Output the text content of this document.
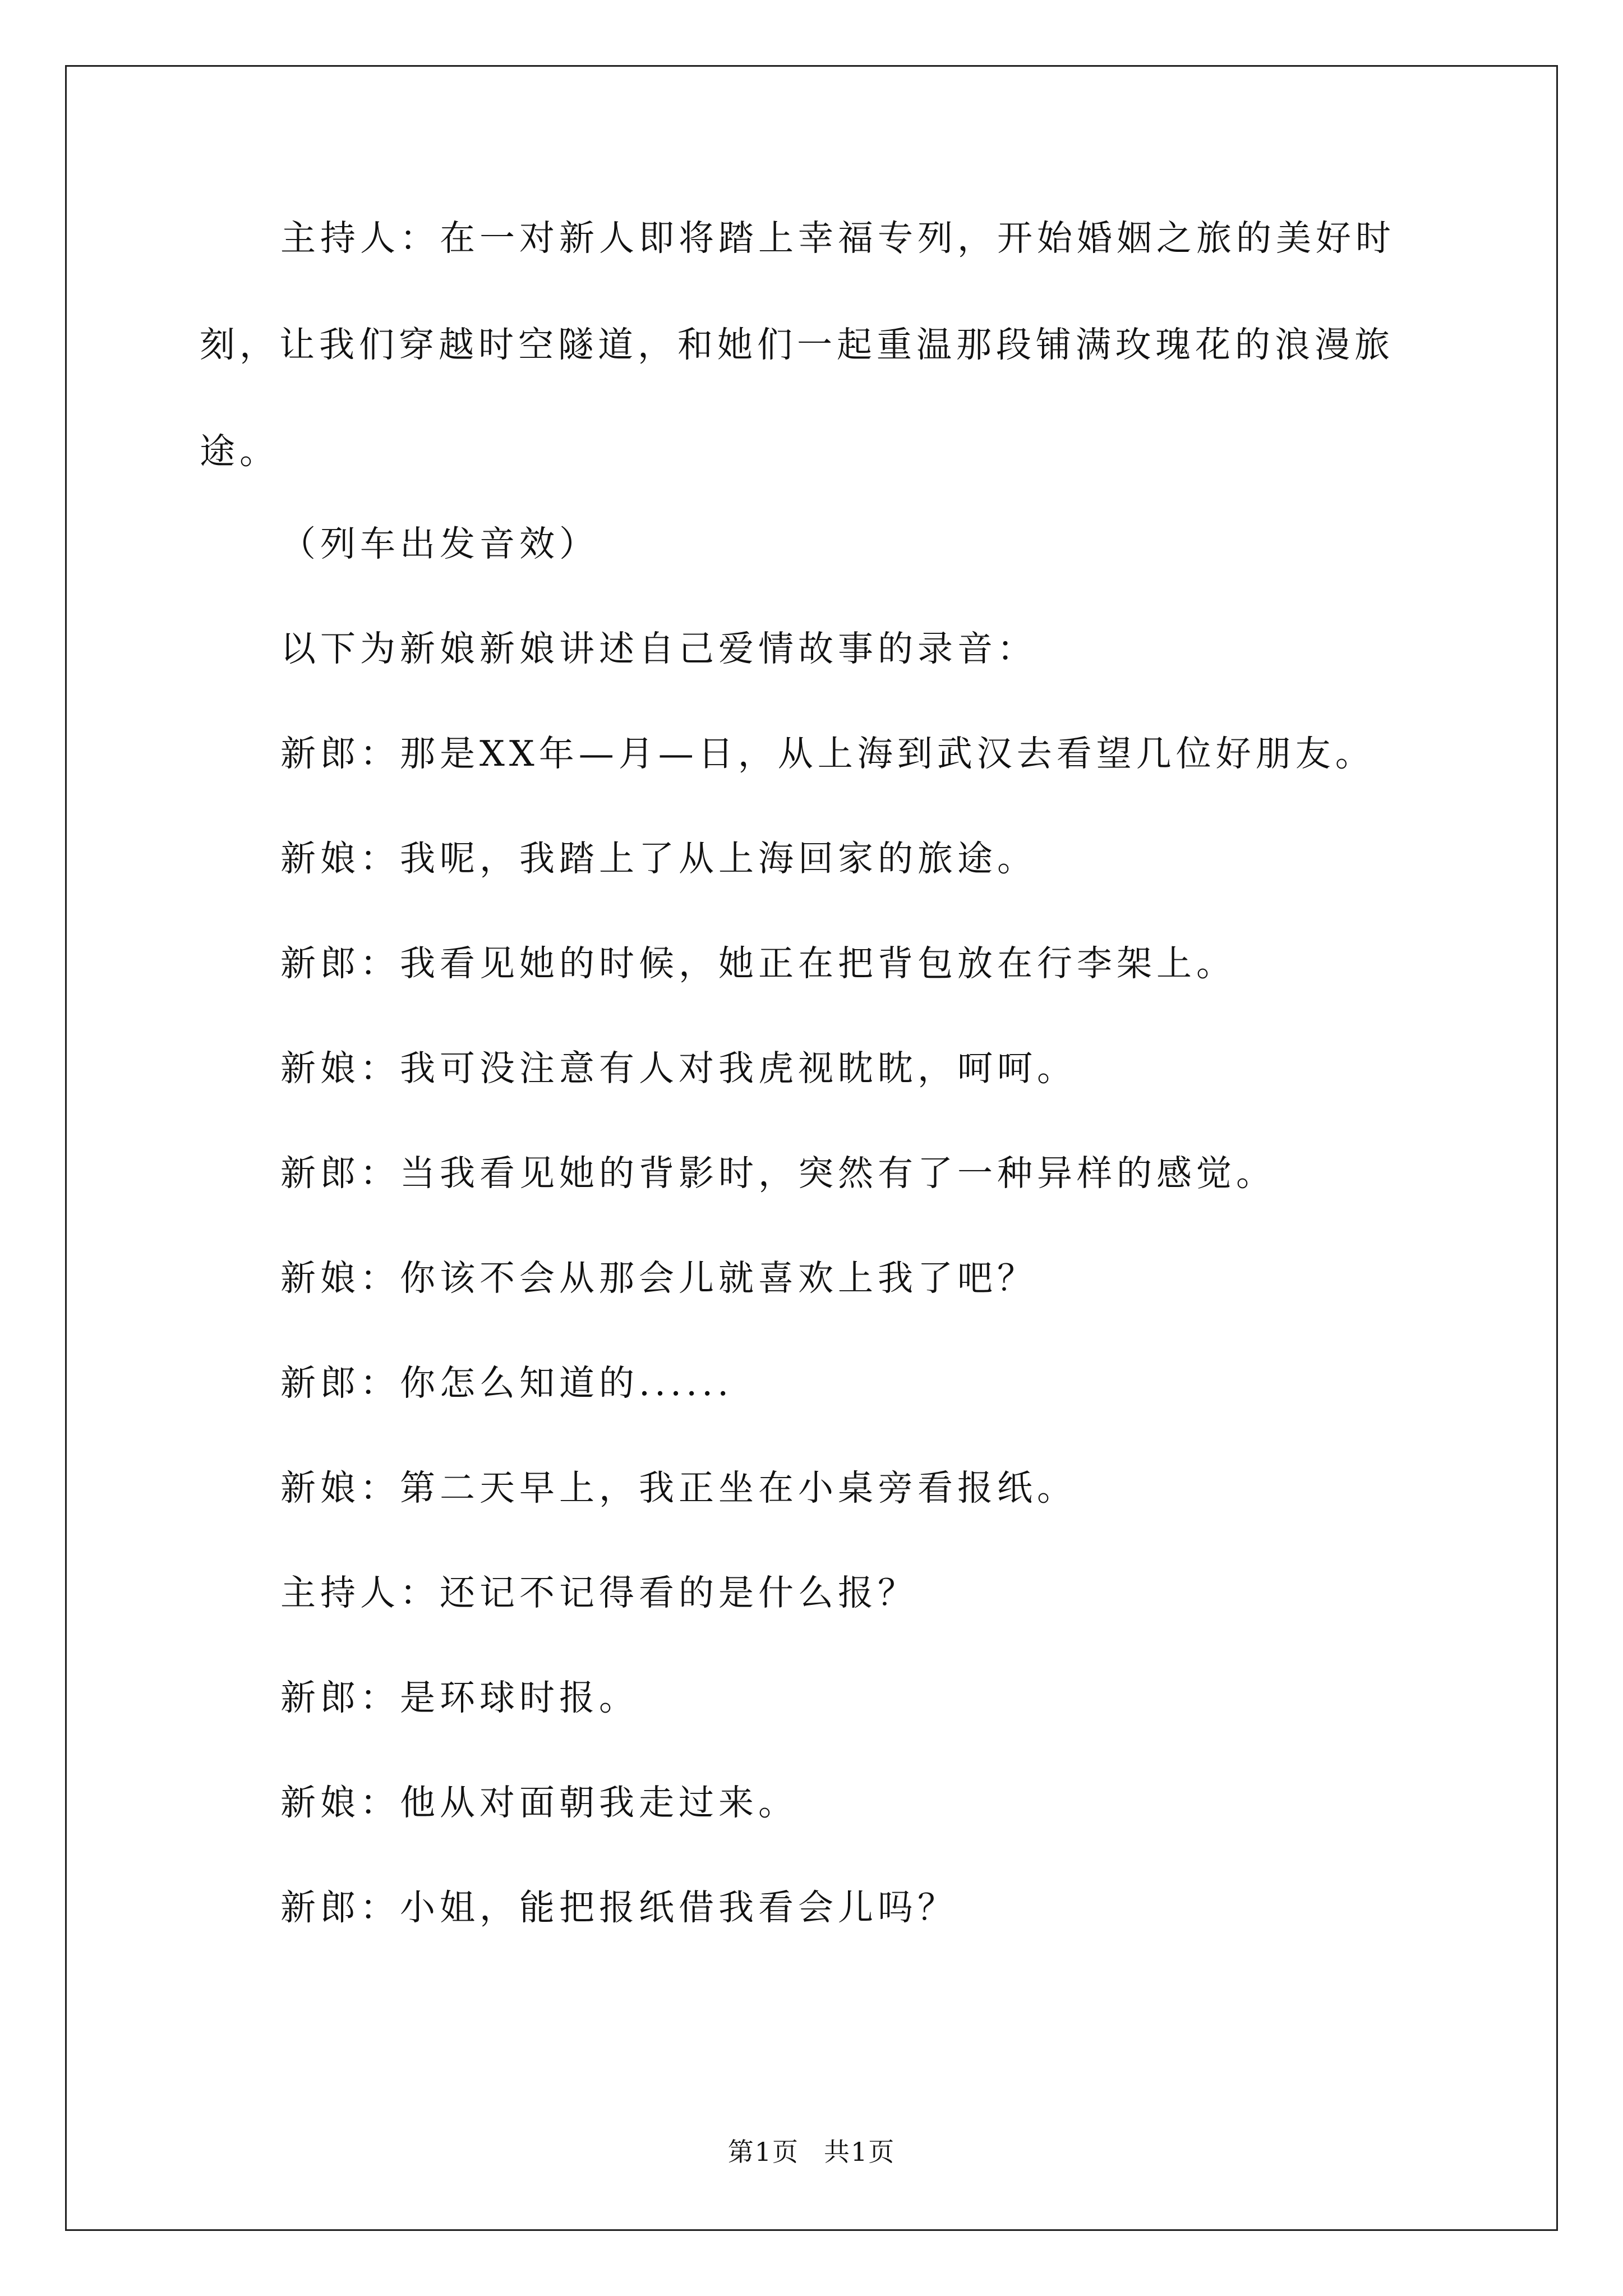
主持人：在一对新人即将踏上幸福专列，开始婚姻之旅的美好时刻，让我们穿越时空隧道，和她们一起重温那段铺满玫瑰花的浪漫旅途。

（列车出发音效）

以下为新娘新娘讲述自己爱情故事的录音：

新郎：那是XX年—月—日，从上海到武汉去看望几位好朋友。

新娘：我呢，我踏上了从上海回家的旅途。

新郎：我看见她的时候，她正在把背包放在行李架上。

新娘：我可没注意有人对我虎视眈眈，呵呵。

新郎：当我看见她的背影时，突然有了一种异样的感觉。

新娘：你该不会从那会儿就喜欢上我了吧？

新郎：你怎么知道的......

新娘：第二天早上，我正坐在小桌旁看报纸。

主持人：还记不记得看的是什么报？

新郎：是环球时报。

新娘：他从对面朝我走过来。

新郎：小姐，能把报纸借我看会儿吗？

第1页 共1页
